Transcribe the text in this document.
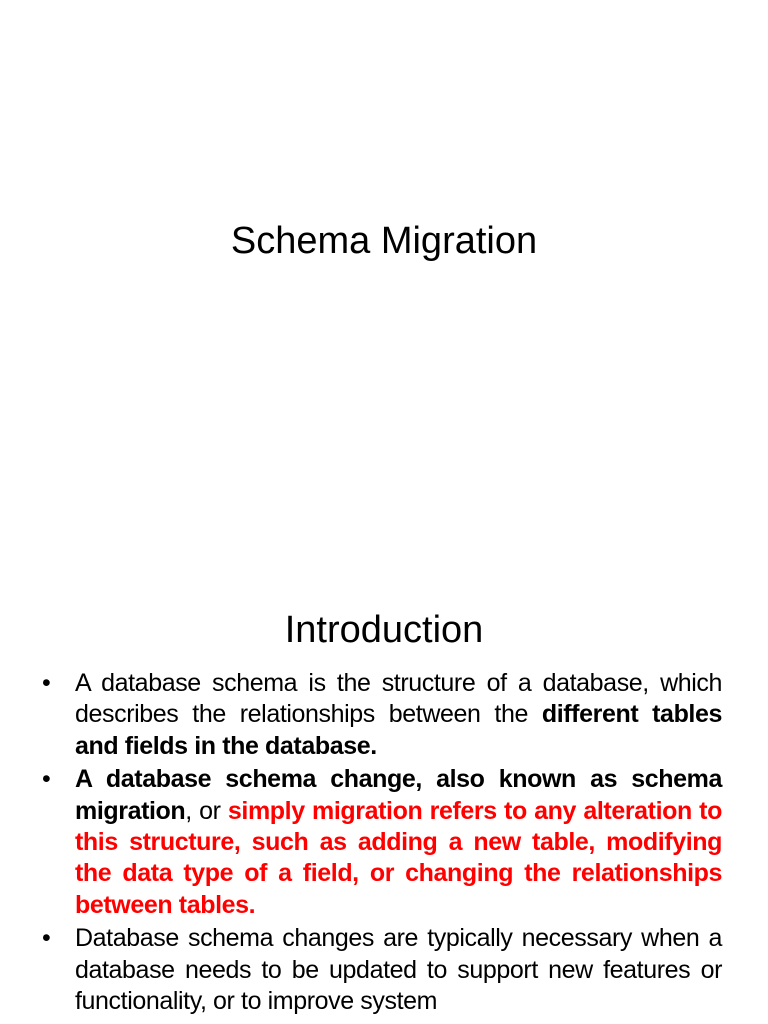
Schema Migration
Introduction
• A database schema is the structure of a database, which describes the relationships between the different tables and fields in the database.
• A database schema change, also known as schema migration, or simply migration refers to any alteration to this structure, such as adding a new table, modifying the data type of a field, or changing the relationships between tables.
• Database schema changes are typically necessary when a database needs to be updated to support new features or functionality, or to improve system
